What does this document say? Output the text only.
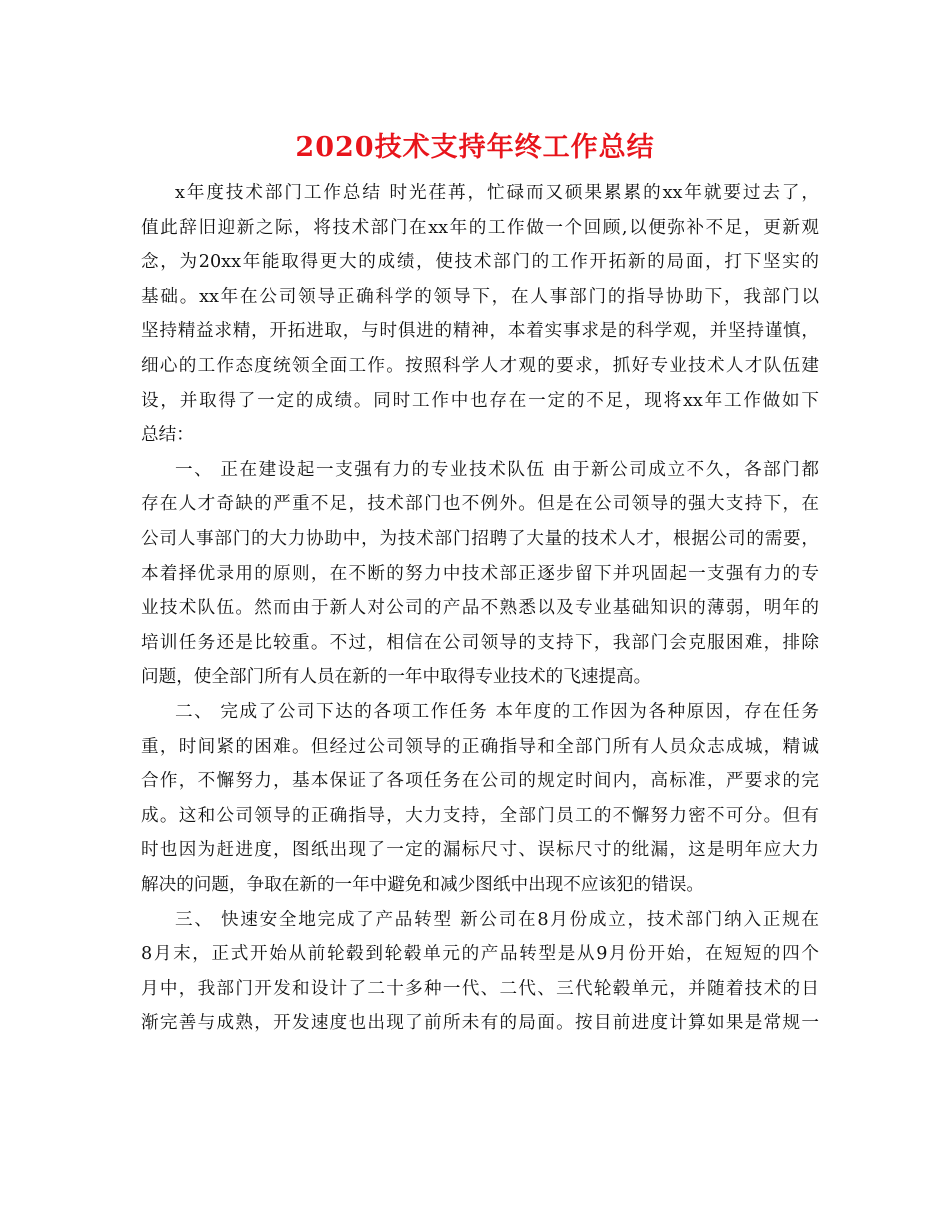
2020技术支持年终工作总结
x年度技术部门工作总结 时光荏苒，忙碌而又硕果累累的xx年就要过去了，
值此辞旧迎新之际，将技术部门在xx年的工作做一个回顾,以便弥补不足，更新观
念，为20xx年能取得更大的成绩，使技术部门的工作开拓新的局面，打下坚实的
基础。xx年在公司领导正确科学的领导下，在人事部门的指导协助下，我部门以
坚持精益求精，开拓进取，与时俱进的精神，本着实事求是的科学观，并坚持谨慎，
细心的工作态度统领全面工作。按照科学人才观的要求，抓好专业技术人才队伍建
设，并取得了一定的成绩。同时工作中也存在一定的不足，现将xx年工作做如下
总结：
一、 正在建设起一支强有力的专业技术队伍 由于新公司成立不久，各部门都
存在人才奇缺的严重不足，技术部门也不例外。但是在公司领导的强大支持下，在
公司人事部门的大力协助中，为技术部门招聘了大量的技术人才，根据公司的需要，
本着择优录用的原则，在不断的努力中技术部正逐步留下并巩固起一支强有力的专
业技术队伍。然而由于新人对公司的产品不熟悉以及专业基础知识的薄弱，明年的
培训任务还是比较重。不过，相信在公司领导的支持下，我部门会克服困难，排除
问题，使全部门所有人员在新的一年中取得专业技术的飞速提高。
二、 完成了公司下达的各项工作任务 本年度的工作因为各种原因，存在任务
重，时间紧的困难。但经过公司领导的正确指导和全部门所有人员众志成城，精诚
合作，不懈努力，基本保证了各项任务在公司的规定时间内，高标准，严要求的完
成。这和公司领导的正确指导，大力支持，全部门员工的不懈努力密不可分。但有
时也因为赶进度，图纸出现了一定的漏标尺寸、误标尺寸的纰漏，这是明年应大力
解决的问题，争取在新的一年中避免和减少图纸中出现不应该犯的错误。
三、 快速安全地完成了产品转型 新公司在8月份成立，技术部门纳入正规在
8月末，正式开始从前轮毂到轮毂单元的产品转型是从9月份开始，在短短的四个
月中，我部门开发和设计了二十多种一代、二代、三代轮毂单元，并随着技术的日
渐完善与成熟，开发速度也出现了前所未有的局面。按目前进度计算如果是常规一
